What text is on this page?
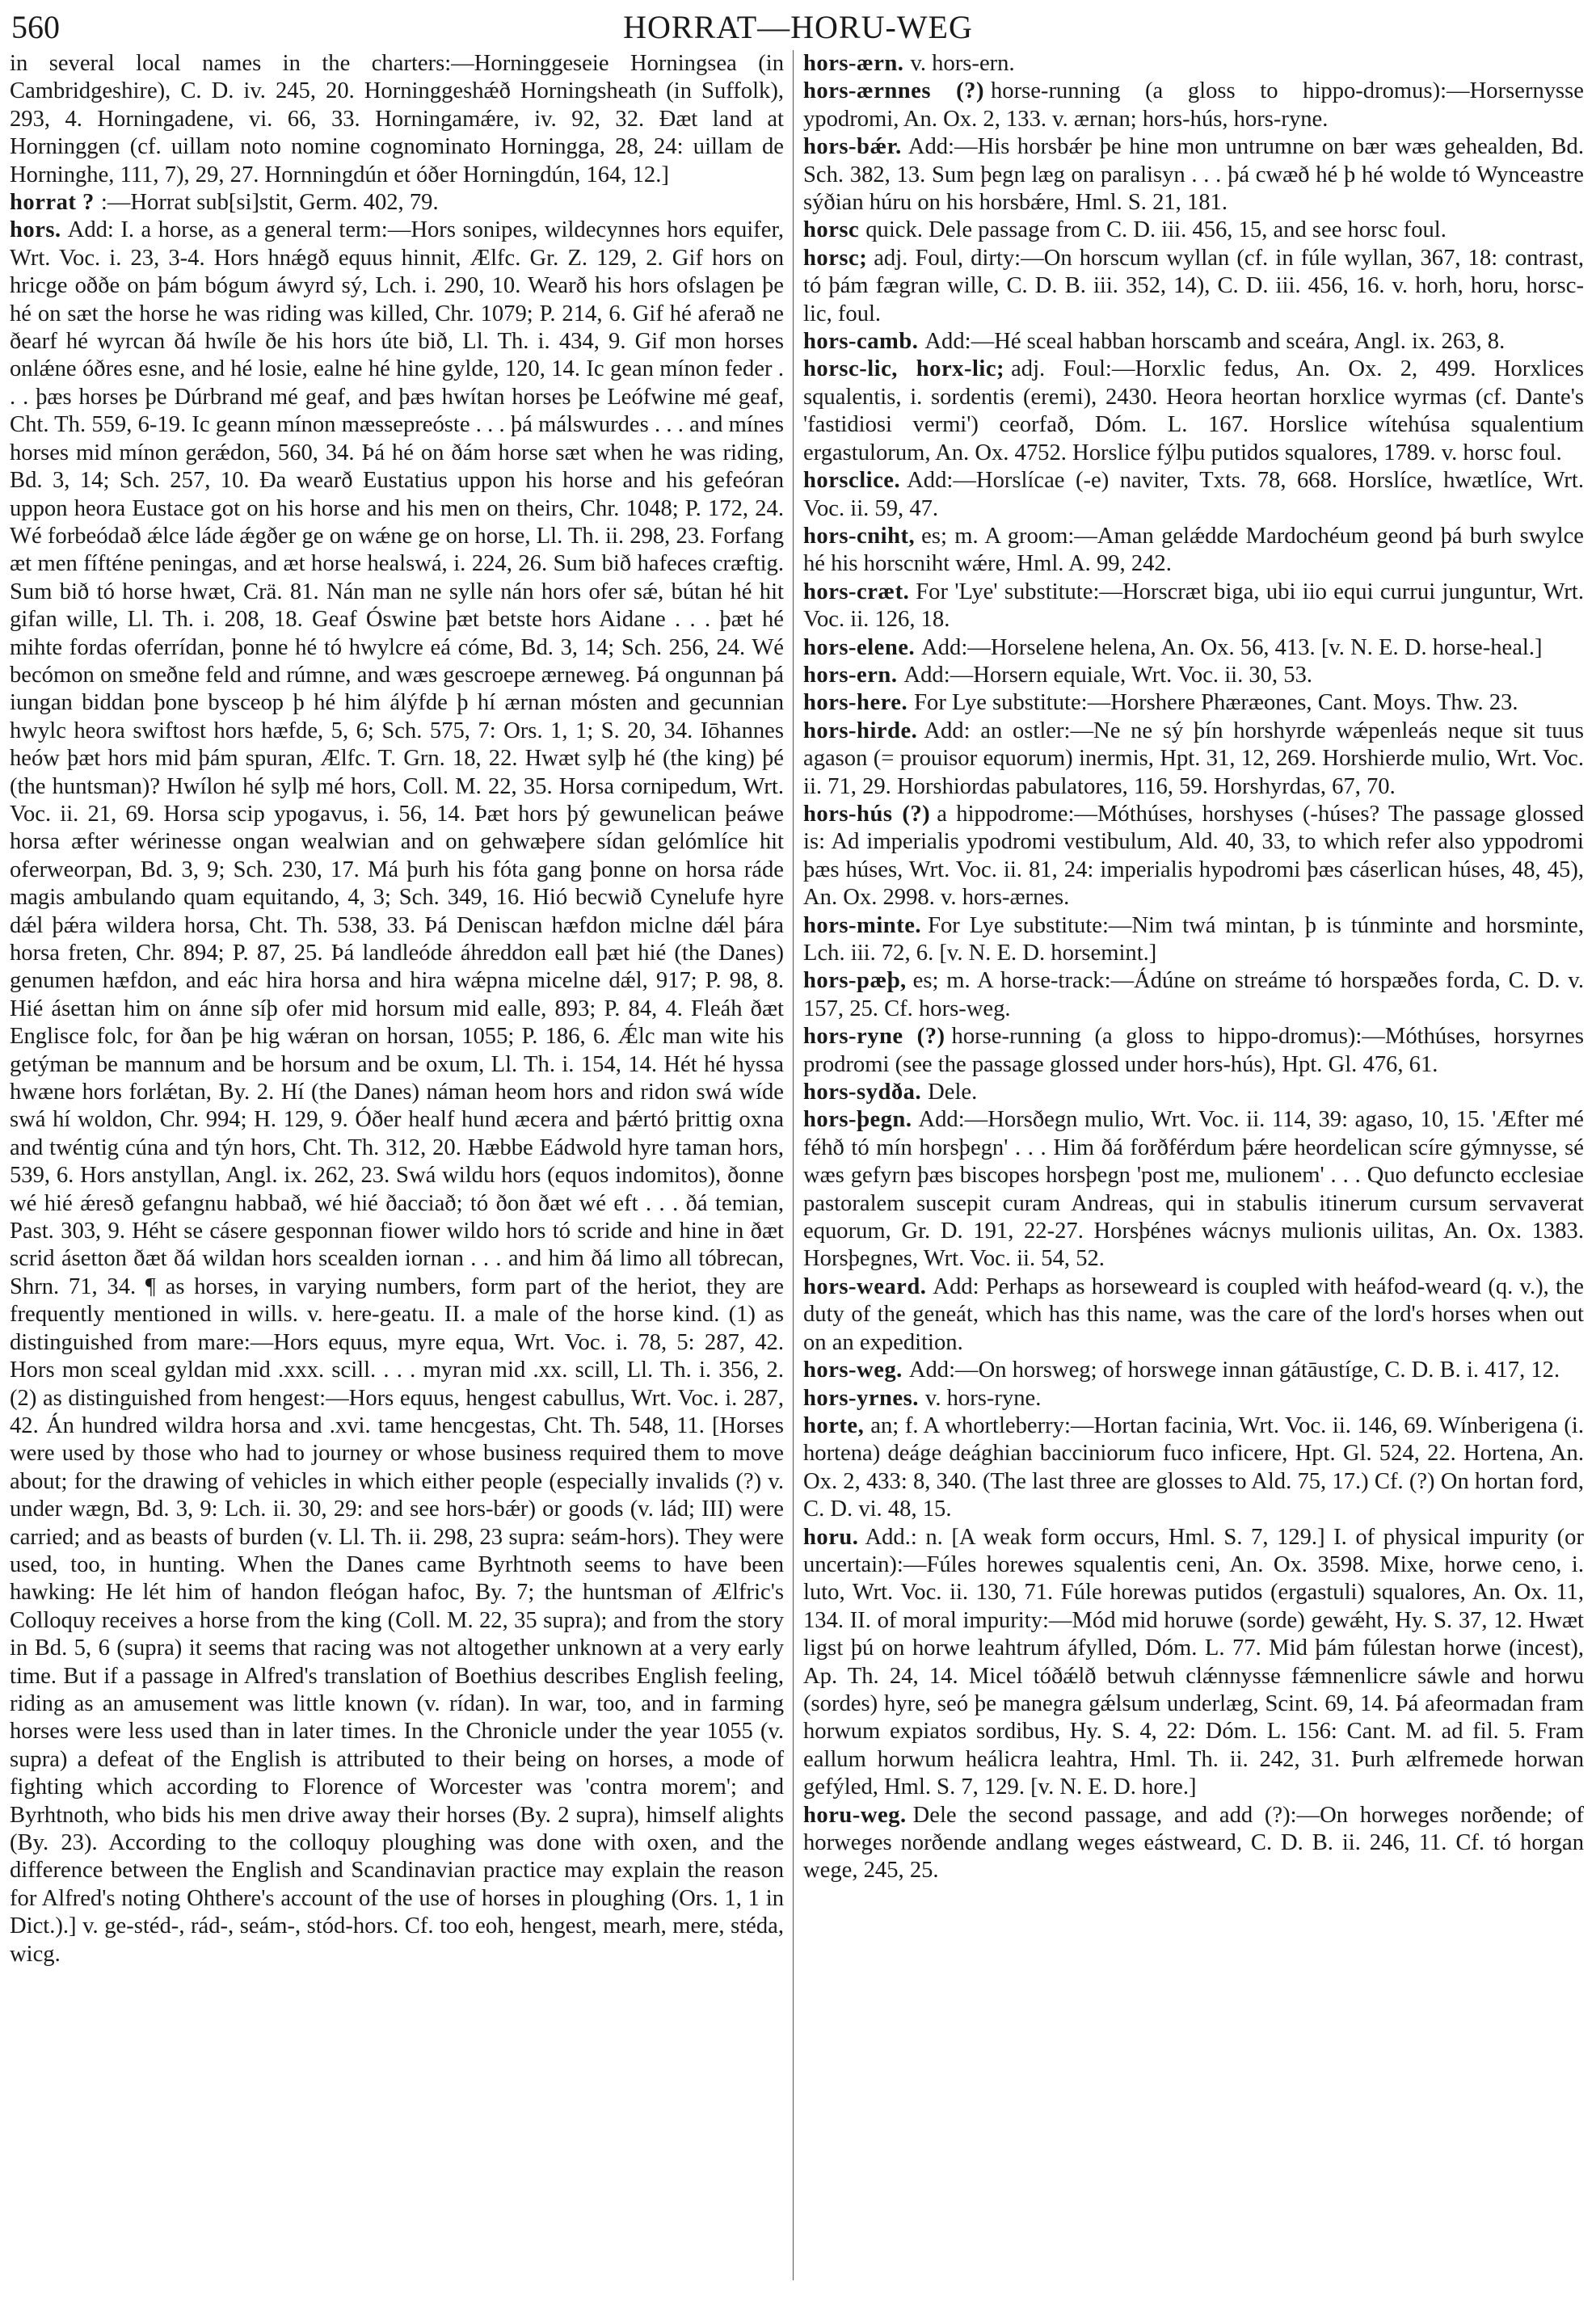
560	HORRAT—HORU-WEG

in several local names in the charters:—Horninggeseie Horningsea (in Cambridgeshire), C. D. iv. 245, 20. Horninggeshǽð Horningsheath (in Suffolk), 293, 4. Horningadene, vi. 66, 33. Horningamǽre, iv. 92, 32. Ðæt land at Horninggen (cf. uillam noto nomine cognominato Horningga, 28, 24: uillam de Horninghe, 111, 7), 29, 27. Hornningdún et óðer Horningdún, 164, 12.]

horrat ? :—Horrat sub[si]stit, Germ. 402, 79.

hors. Add: I. a horse, as a general term:—Hors sonipes, wildecynnes hors equifer, Wrt. Voc. i. 23, 3-4. Hors hnǽgð equus hinnit, Ælfc. Gr. Z. 129, 2. Gif hors on hricge oððe on þám bógum áwyrd sý, Lch. i. 290, 10. Wearð his hors ofslagen þe hé on sæt the horse he was riding was killed, Chr. 1079; P. 214, 6. Gif hé aferað ne ðearf hé wyrcan ðá hwíle ðe his hors úte bið, Ll. Th. i. 434, 9. Gif mon horses onlǽne óðres esne, and hé losie, ealne hé hine gylde, 120, 14. Ic gean mínon feder . . . þæs horses þe Dúrbrand mé geaf, and þæs hwítan horses þe Leófwine mé geaf, Cht. Th. 559, 6-19. Ic geann mínon mæssepreóste . . . þá málswurdes . . . and mínes horses mid mínon gerǽdon, 560, 34. Þá hé on ðám horse sæt when he was riding, Bd. 3, 14; Sch. 257, 10. Ða wearð Eustatius uppon his horse and his gefeóran uppon heora Eustace got on his horse and his men on theirs, Chr. 1048; P. 172, 24. Wé forbeódað ǽlce láde ǽgðer ge on wǽne ge on horse, Ll. Th. ii. 298, 23. Forfang æt men fífténe peningas, and æt horse healswá, i. 224, 26. Sum bið hafeces cræftig. Sum bið tó horse hwæt, Crä. 81. Nán man ne sylle nán hors ofer sǽ, bútan hé hit gifan wille, Ll. Th. i. 208, 18. Geaf Óswine þæt betste hors Aidane . . . þæt hé mihte fordas oferrídan, þonne hé tó hwylcre eá cóme, Bd. 3, 14; Sch. 256, 24. Wé becómon on smeðne feld and rúmne, and wæs gescroepe ærneweg. Þá ongunnan þá iungan biddan þone bysceop þ hé him álýfde þ hí ærnan mósten and gecunnian hwylc heora swiftost hors hæfde, 5, 6; Sch. 575, 7: Ors. 1, 1; S. 20, 34. Iōhannes heów þæt hors mid þám spuran, Ælfc. T. Grn. 18, 22. Hwæt sylþ hé (the king) þé (the huntsman)? Hwílon hé sylþ mé hors, Coll. M. 22, 35. Horsa cornipedum, Wrt. Voc. ii. 21, 69. Horsa scip ypogavus, i. 56, 14. Þæt hors þý gewunelican þeáwe horsa æfter wérinesse ongan wealwian and on gehwæþere sídan gelómlíce hit oferweorpan, Bd. 3, 9; Sch. 230, 17. Má þurh his fóta gang þonne on horsa ráde magis ambulando quam equitando, 4, 3; Sch. 349, 16. Hió becwið Cynelufe hyre dǽl þǽra wildera horsa, Cht. Th. 538, 33. Þá Deniscan hæfdon miclne dǽl þára horsa freten, Chr. 894; P. 87, 25. Þá landleóde áhreddon eall þæt hié (the Danes) genumen hæfdon, and eác hira horsa and hira wǽpna micelne dǽl, 917; P. 98, 8. Hié ásettan him on ánne síþ ofer mid horsum mid ealle, 893; P. 84, 4. Fleáh ðæt Englisce folc, for ðan þe hig wǽran on horsan, 1055; P. 186, 6. Ǽlc man wite his getýman be mannum and be horsum and be oxum, Ll. Th. i. 154, 14. Hét hé hyssa hwæne hors forlǽtan, By. 2. Hí (the Danes) náman heom hors and ridon swá wíde swá hí woldon, Chr. 994; H. 129, 9. Óðer healf hund æcera and þǽrtó þrittig oxna and twéntig cúna and týn hors, Cht. Th. 312, 20. Hæbbe Eádwold hyre taman hors, 539, 6. Hors anstyllan, Angl. ix. 262, 23. Swá wildu hors (equos indomitos), ðonne wé hié ǽresð gefangnu habbað, wé hié ðacciað; tó ðon ðæt wé eft . . . ðá temian, Past. 303, 9. Héht se cásere gesponnan fiower wildo hors tó scride and hine in ðæt scrid ásetton ðæt ðá wildan hors scealden iornan . . . and him ðá limo all tóbrecan, Shrn. 71, 34. ¶ as horses, in varying numbers, form part of the heriot, they are frequently mentioned in wills. v. here-geatu. II. a male of the horse kind. (1) as distinguished from mare:—Hors equus, myre equa, Wrt. Voc. i. 78, 5: 287, 42. Hors mon sceal gyldan mid .xxx. scill. . . . myran mid .xx. scill, Ll. Th. i. 356, 2. (2) as distinguished from hengest:—Hors equus, hengest cabullus, Wrt. Voc. i. 287, 42. Án hundred wildra horsa and .xvi. tame hencgestas, Cht. Th. 548, 11. [Horses were used by those who had to journey or whose business required them to move about; for the drawing of vehicles in which either people (especially invalids (?) v. under wægn, Bd. 3, 9: Lch. ii. 30, 29: and see hors-bǽr) or goods (v. lád; III) were carried; and as beasts of burden (v. Ll. Th. ii. 298, 23 supra: seám-hors). They were used, too, in hunting. When the Danes came Byrhtnoth seems to have been hawking: He lét him of handon fleógan hafoc, By. 7; the huntsman of Ælfric's Colloquy receives a horse from the king (Coll. M. 22, 35 supra); and from the story in Bd. 5, 6 (supra) it seems that racing was not altogether unknown at a very early time. But if a passage in Alfred's translation of Boethius describes English feeling, riding as an amusement was little known (v. rídan). In war, too, and in farming horses were less used than in later times. In the Chronicle under the year 1055 (v. supra) a defeat of the English is attributed to their being on horses, a mode of fighting which according to Florence of Worcester was 'contra morem'; and Byrhtnoth, who bids his men drive away their horses (By. 2 supra), himself alights (By. 23). According to the colloquy ploughing was done with oxen, and the difference between the English and Scandinavian practice may explain the reason for Alfred's noting Ohthere's account of the use of horses in ploughing (Ors. 1, 1 in Dict.).] v. ge-stéd-, rád-, seám-, stód-hors. Cf. too eoh, hengest, mearh, mere, stéda, wicg.

hors-ærn. v. hors-ern.

hors-ærnnes (?) horse-running (a gloss to hippo-dromus):—Horsernysse ypodromi, An. Ox. 2, 133. v. ærnan; hors-hús, hors-ryne.

hors-bǽr. Add:—His horsbǽr þe hine mon untrumne on bær wæs gehealden, Bd. Sch. 382, 13. Sum þegn læg on paralisyn . . . þá cwæð hé þ hé wolde tó Wynceastre sýðian húru on his horsbǽre, Hml. S. 21, 181.

horsc quick. Dele passage from C. D. iii. 456, 15, and see horsc foul.

horsc; adj. Foul, dirty:—On horscum wyllan (cf. in fúle wyllan, 367, 18: contrast, tó þám fægran wille, C. D. B. iii. 352, 14), C. D. iii. 456, 16. v. horh, horu, horsc-lic, foul.

hors-camb. Add:—Hé sceal habban horscamb and sceára, Angl. ix. 263, 8.

horsc-lic, horx-lic; adj. Foul:—Horxlic fedus, An. Ox. 2, 499. Horxlices squalentis, i. sordentis (eremi), 2430. Heora heortan horxlice wyrmas (cf. Dante's 'fastidiosi vermi') ceorfað, Dóm. L. 167. Horslice wítehúsa squalentium ergastulorum, An. Ox. 4752. Horslice fýlþu putidos squalores, 1789. v. horsc foul.

horsclice. Add:—Horslícae (-e) naviter, Txts. 78, 668. Horslíce, hwætlíce, Wrt. Voc. ii. 59, 47.

hors-cniht, es; m. A groom:—Aman gelǽdde Mardochéum geond þá burh swylce hé his horscniht wǽre, Hml. A. 99, 242.

hors-cræt. For 'Lye' substitute:—Horscræt biga, ubi iio equi currui junguntur, Wrt. Voc. ii. 126, 18.

hors-elene. Add:—Horselene helena, An. Ox. 56, 413. [v. N. E. D. horse-heal.]

hors-ern. Add:—Horsern equiale, Wrt. Voc. ii. 30, 53.

hors-here. For Lye substitute:—Horshere Phæræones, Cant. Moys. Thw. 23.

hors-hirde. Add: an ostler:—Ne ne sý þín horshyrde wǽpenleás neque sit tuus agason (= prouisor equorum) inermis, Hpt. 31, 12, 269. Horshierde mulio, Wrt. Voc. ii. 71, 29. Horshiordas pabulatores, 116, 59. Horshyrdas, 67, 70.

hors-hús (?) a hippodrome:—Móthúses, horshyses (-húses? The passage glossed is: Ad imperialis ypodromi vestibulum, Ald. 40, 33, to which refer also yppodromi þæs húses, Wrt. Voc. ii. 81, 24: imperialis hypodromi þæs cáserlican húses, 48, 45), An. Ox. 2998. v. hors-ærnes.

hors-minte. For Lye substitute:—Nim twá mintan, þ is túnminte and horsminte, Lch. iii. 72, 6. [v. N. E. D. horsemint.]

hors-pæþ, es; m. A horse-track:—Ádúne on streáme tó horspæðes forda, C. D. v. 157, 25. Cf. hors-weg.

hors-ryne (?) horse-running (a gloss to hippo-dromus):—Móthúses, horsyrnes prodromi (see the passage glossed under hors-hús), Hpt. Gl. 476, 61.

hors-sydða. Dele.

hors-þegn. Add:—Horsðegn mulio, Wrt. Voc. ii. 114, 39: agaso, 10, 15. 'Æfter mé féhð tó mín horsþegn' . . . Him ðá forðférdum þǽre heordelican scíre gýmnysse, sé wæs gefyrn þæs biscopes horsþegn 'post me, mulionem' . . . Quo defuncto ecclesiae pastoralem suscepit curam Andreas, qui in stabulis itinerum cursum servaverat equorum, Gr. D. 191, 22-27. Horsþénes wácnys mulionis uilitas, An. Ox. 1383. Horsþegnes, Wrt. Voc. ii. 54, 52.

hors-weard. Add: Perhaps as horseweard is coupled with heáfod-weard (q. v.), the duty of the geneát, which has this name, was the care of the lord's horses when out on an expedition.

hors-weg. Add:—On horsweg; of horswege innan gátāustíge, C. D. B. i. 417, 12.

hors-yrnes. v. hors-ryne.

horte, an; f. A whortleberry:—Hortan facinia, Wrt. Voc. ii. 146, 69. Wínberigena (i. hortena) deáge deághian bacciniorum fuco inficere, Hpt. Gl. 524, 22. Hortena, An. Ox. 2, 433: 8, 340. (The last three are glosses to Ald. 75, 17.) Cf. (?) On hortan ford, C. D. vi. 48, 15.

horu. Add.: n. [A weak form occurs, Hml. S. 7, 129.] I. of physical impurity (or uncertain):—Fúles horewes squalentis ceni, An. Ox. 3598. Mixe, horwe ceno, i. luto, Wrt. Voc. ii. 130, 71. Fúle horewas putidos (ergastuli) squalores, An. Ox. 11, 134. II. of moral impurity:—Mód mid horuwe (sorde) gewǽht, Hy. S. 37, 12. Hwæt ligst þú on horwe leahtrum áfylled, Dóm. L. 77. Mid þám fúlestan horwe (incest), Ap. Th. 24, 14. Micel tóðǽlð betwuh clǽnnysse fǽmnenlicre sáwle and horwu (sordes) hyre, seó þe manegra gǽlsum underlæg, Scint. 69, 14. Þá afeormadan fram horwum expiatos sordibus, Hy. S. 4, 22: Dóm. L. 156: Cant. M. ad fil. 5. Fram eallum horwum heálicra leahtra, Hml. Th. ii. 242, 31. Þurh ælfremede horwan gefýled, Hml. S. 7, 129. [v. N. E. D. hore.]

horu-weg. Dele the second passage, and add (?):—On horweges norðende; of horweges norðende andlang weges eástweard, C. D. B. ii. 246, 11. Cf. tó horgan wege, 245, 25.
